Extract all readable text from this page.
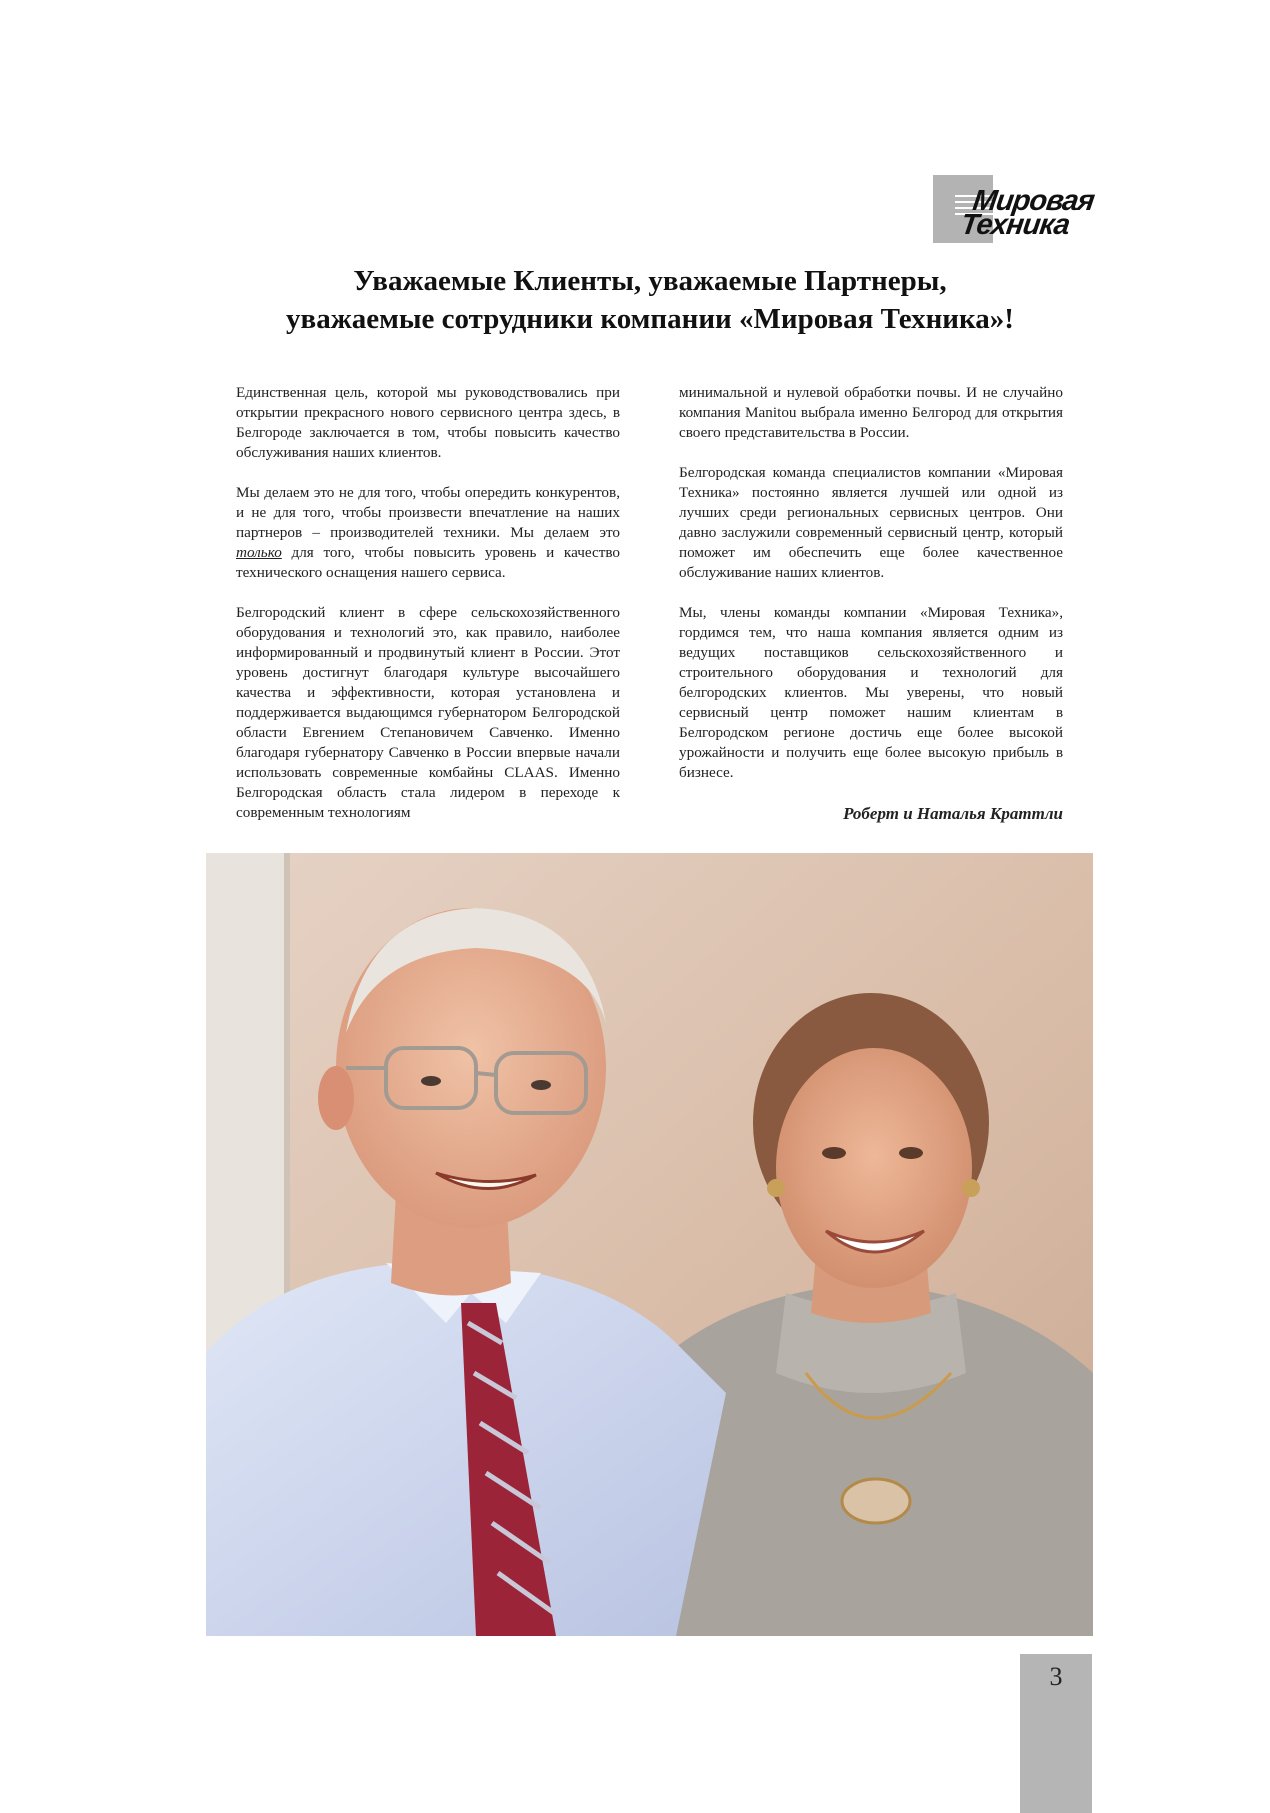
Мировая
Техника
Уважаемые Клиенты, уважаемые Партнеры,
уважаемые сотрудники компании «Мировая Техника»!

Единственная цель, которой мы руководствовались при открытии прекрасного нового сервисного центра здесь, в Белгороде заключается в том, чтобы повысить качество обслуживания наших клиентов.

Мы делаем это не для того, чтобы опередить конкурентов, и не для того, чтобы произвести впечатление на наших партнеров – производителей техники. Мы делаем это только для того, чтобы повысить уровень и качество технического оснащения нашего сервиса.

Белгородский клиент в сфере сельскохозяйственного оборудования и технологий это, как правило, наиболее информированный и продвинутый клиент в России. Этот уровень достигнут благодаря культуре высочайшего качества и эффективности, которая установлена и поддерживается выдающимся губернатором Белгородской области Евгением Степановичем Савченко. Именно благодаря губернатору Савченко в России впервые начали использовать современные комбайны CLAAS. Именно Белгородская область стала лидером в переходе к современным технологиям

минимальной и нулевой обработки почвы. И не случайно компания Manitou выбрала именно Белгород для открытия своего представительства в России.

Белгородская команда специалистов компании «Мировая Техника» постоянно является лучшей или одной из лучших среди региональных сервисных центров. Они давно заслужили современный сервисный центр, который поможет им обеспечить еще более качественное обслуживание наших клиентов.

Мы, члены команды компании «Мировая Техника», гордимся тем, что наша компания является одним из ведущих поставщиков сельскохозяйственного и строительного оборудования и технологий для белгородских клиентов. Мы уверены, что новый сервисный центр поможет нашим клиентам в Белгородском регионе достичь еще более высокой урожайности и получить еще более высокую прибыль в бизнесе.

Роберт и Наталья Краттли
3
